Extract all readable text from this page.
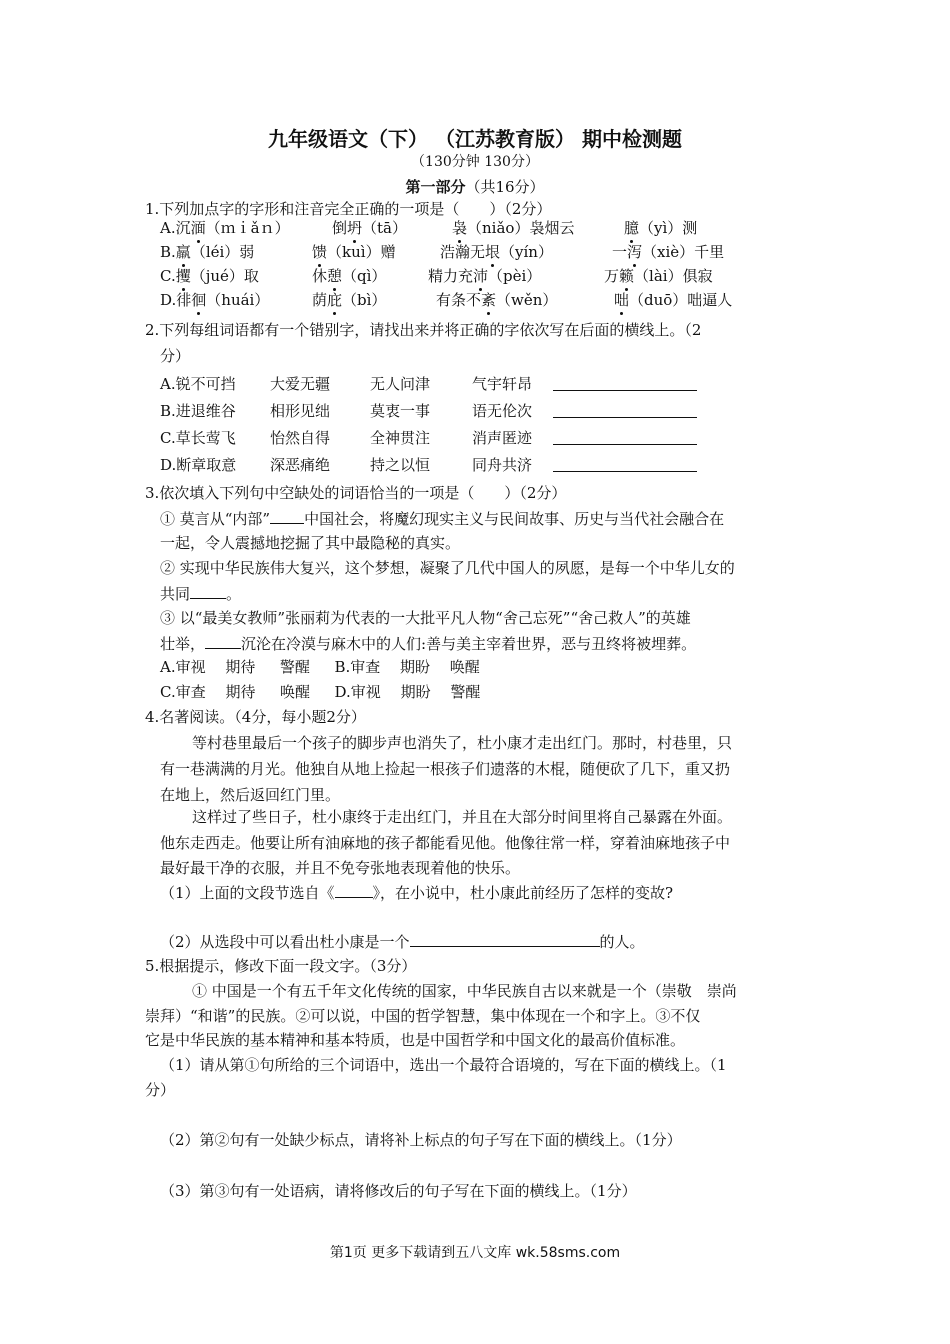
九年级语文（下） （江苏教育版） 期中检测题
（130分钟 130分）
第一部分（共16分）
1.下列加点字的字形和注音完全正确的一项是（　　）（2分）
A.沉湎（ｍｉǎｎ）	倒坍（tā）	袅（niǎo）袅烟云	臆（yì）测
B.羸（léi）弱	馈（kuì）赠	浩瀚无垠（yín）	一泻（xiè）千里
C.攫（jué）取	休憩（qì）	精力充沛（pèi）	万籁（lài）俱寂
D.徘徊（huái）	荫庇（bì）	有条不紊（wěn）	咄（duō）咄逼人
2.下列每组词语都有一个错别字，请找出来并将正确的字依次写在后面的横线上。（2
分）
A.锐不可挡 大爱无疆	无人问津	气宇轩昂
B.进退维谷 相形见绌	莫衷一事	语无伦次
C.草长莺飞 怡然自得	全神贯注	消声匿迹
D.断章取意 深恶痛绝	持之以恒	同舟共济
3.依次填入下列句中空缺处的词语恰当的一项是（　　）（2分）
① 莫言从“内部” 中国社会，将魔幻现实主义与民间故事、历史与当代社会融合在
一起，令人震撼地挖掘了其中最隐秘的真实。
② 实现中华民族伟大复兴，这个梦想，凝聚了几代中国人的夙愿，是每一个中华儿女的
共同 。
③ 以“最美女教师”张丽莉为代表的一大批平凡人物“舍己忘死”“舍己救人”的英雄
壮举， 沉沦在冷漠与麻木中的人们:善与美主宰着世界，恶与丑终将被埋葬。
A.审视　 期待 　 警醒 　 B.审查　 期盼　 唤醒
C.审查　 期待 　 唤醒 　 D.审视　 期盼　 警醒
4.名著阅读。（4分，每小题2分）
等村巷里最后一个孩子的脚步声也消失了，杜小康才走出红门。那时，村巷里，只
有一巷满满的月光。他独自从地上捡起一根孩子们遗落的木棍，随便砍了几下，重又扔
在地上，然后返回红门里。
这样过了些日子，杜小康终于走出红门，并且在大部分时间里将自己暴露在外面。
他东走西走。他要让所有油麻地的孩子都能看见他。他像往常一样，穿着油麻地孩子中
最好最干净的衣服，并且不免夸张地表现着他的快乐。
（1）上面的文段节选自《	》，在小说中，杜小康此前经历了怎样的变故?
（2）从选段中可以看出杜小康是一个	的人。
5.根据提示，修改下面一段文字。（3分）
① 中国是一个有五千年文化传统的国家，中华民族自古以来就是一个（崇敬　崇尚
崇拜）“和谐”的民族。②可以说，中国的哲学智慧，集中体现在一个和字上。③不仅
它是中华民族的基本精神和基本特质，也是中国哲学和中国文化的最高价值标准。
（1）请从第①句所给的三个词语中，选出一个最符合语境的，写在下面的横线上。（1
分）
（2）第②句有一处缺少标点，请将补上标点的句子写在下面的横线上。（1分）
（3）第③句有一处语病，请将修改后的句子写在下面的横线上。（1分）
第1页 更多下载请到五八文库 wk.58sms.com
